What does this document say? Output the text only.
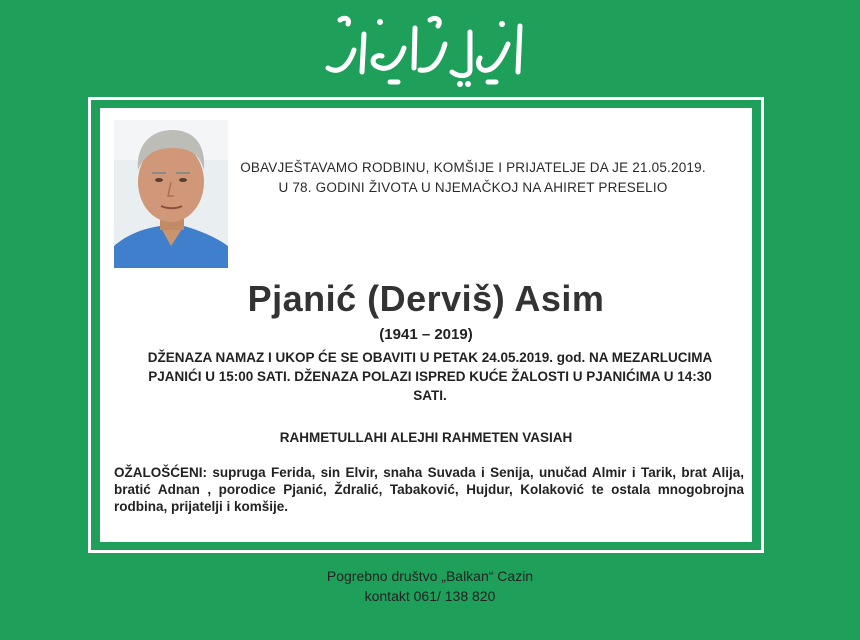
OBAVJEŠTAVAMO RODBINU, KOMŠIJE I PRIJATELJE DA JE 21.05.2019. U 78. GODINI ŽIVOTA U NJEMAČKOJ NA AHIRET PRESELIO
Pjanić (Derviš) Asim
(1941 – 2019)
DŽENAZA NAMAZ I UKOP ĆE SE OBAVITI U PETAK 24.05.2019. god. NA MEZARLUCIMA PJANIĆI U 15:00 SATI. DŽENAZA POLAZI ISPRED KUĆE ŽALOSTI U PJANIĆIMA U 14:30 SATI.
RAHMETULLAHI ALEJHI RAHMETEN VASIAH
OŽALOŠĆENI: supruga Ferida, sin Elvir, snaha Suvada i Senija, unučad Almir i Tarik, brat Alija, bratić Adnan , porodice Pjanić, Ždralić, Tabaković, Hujdur, Kolaković te ostala mnogobrojna rodbina, prijatelji i komšije.
Pogrebno društvo „Balkan“ Cazin
kontakt 061/ 138 820
